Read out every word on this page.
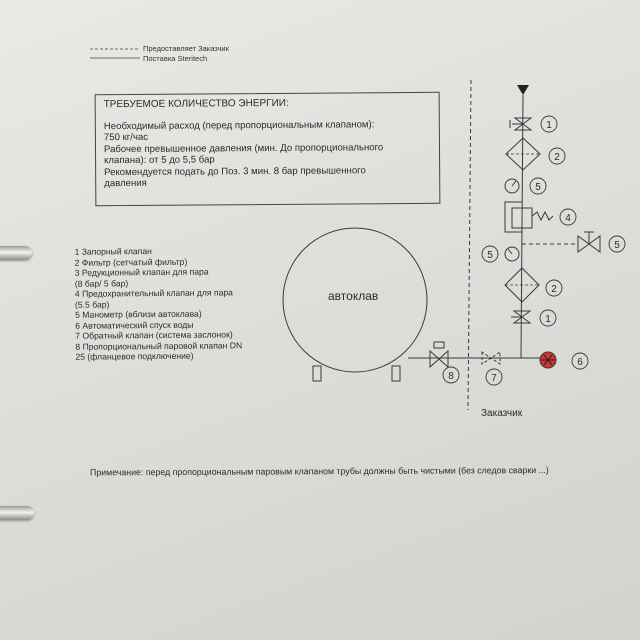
Предоставляет Заказчик
Поставка Steritech
ТРЕБУЕМОЕ КОЛИЧЕСТВО ЭНЕРГИИ:
Необходимый расход (перед пропорциональным клапаном):
750 кг/час
Рабочее превышенное давления (мин. До пропорционального
клапана): от 5 до 5,5 бар
Рекомендуется подать до Поз. 3 мин. 8 бар превышенного
давления
1 Запорный клапан
2 Фильтр (сетчатый фильтр)
3 Редукционный клапан для пара
(8 бар/ 5 бар)
4 Предохранительный клапан для пара
(5.5 бар)
5 Манометр (вблизи автоклава)
6 Автоматический спуск воды
7 Обратный клапан (система заслонок)
8 Пропорциональный паровой клапан DN
25 (фланцевое подключение)
1
2
5
4
5
5
2
1
6
7
8
автоклав
Заказчик
Примечание: перед пропорциональным паровым клапаном трубы должны быть чистыми (без следов сварки ...)
